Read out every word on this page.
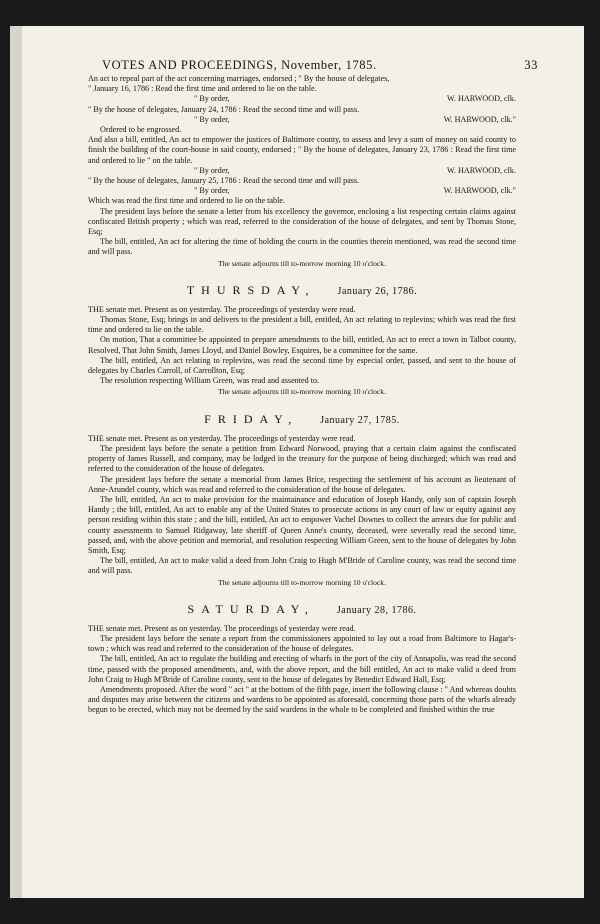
VOTES AND PROCEEDINGS, November, 1785.	33

An act to repeal part of the act concerning marriages, endorsed ; " By the house of delegates,

" January 16, 1786 : Read the first time and ordered to lie on the table.

" By order,	W. HARWOOD, clk.

" By the house of delegates, January 24, 1786 : Read the second time and will pass.

" By order,	W. HARWOOD, clk."

Ordered to be engrossed.

And also a bill, entitled, An act to empower the justices of Baltimore county, to assess and levy a sum of money on said county to finish the building of the court-house in said county, endorsed ; " By the house of delegates, January 23, 1786 : Read the first time and ordered to lie " on the table.

" By order,	W. HARWOOD, clk.

" By the house of delegates, January 25, 1786 : Read the second time and will pass.

" By order,	W. HARWOOD, clk."

Which was read the first time and ordered to lie on the table.

The president lays before the senate a letter from his excellency the governor, enclosing a list respecting certain claims against confiscated British property ; which was read, referred to the consideration of the house of delegates, and sent by Thomas Stone, Esq;

The bill, entitled, An act for altering the time of holding the courts in the counties therein mentioned, was read the second time and will pass.

The senate adjourns till to-morrow morning 10 o'clock.

THURSDAY, January 26, 1786.

THE senate met. Present as on yesterday. The proceedings of yesterday were read.

Thomas Stone, Esq; brings in and delivers to the president a bill, entitled, An act relating to replevins; which was read the first time and ordered to lie on the table.

On motion, That a committee be appointed to prepare amendments to the bill, entitled, An act to erect a town in Talbot county, Resolved, That John Smith, James Lloyd, and Daniel Bowley, Esquires, be a committee for the same.

The bill, entitled, An act relating to replevins, was read the second time by especial order, passed, and sent to the house of delegates by Charles Carroll, of Carrollton, Esq;

The resolution respecting William Green, was read and assented to.

The senate adjourns till to-morrow morning 10 o'clock.

FRIDAY, January 27, 1785.

THE senate met. Present as on yesterday. The proceedings of yesterday were read.

The president lays before the senate a petition from Edward Norwood, praying that a certain claim against the confiscated property of James Russell, and company, may be lodged in the treasury for the purpose of being discharged; which was read and referred to the consideration of the house of delegates.

The president lays before the senate a memorial from James Brice, respecting the settlement of his account as lieutenant of Anne-Arundel county, which was read and referred to the consideration of the house of delegates.

The bill, entitled, An act to make provision for the maintainance and education of Joseph Handy, only son of captain Joseph Handy ; the bill, entitled, An act to enable any of the United States to prosecute actions in any court of law or equity against any person residing within this state ; and the bill, entitled, An act to empower Vachel Downes to collect the arrears due for public and county assessments to Samuel Ridgaway, late sheriff of Queen Anne's county, deceased, were severally read the second time, passed, and, with the above petition and memorial, and resolution respecting William Green, sent to the house of delegates by John Smith, Esq;

The bill, entitled, An act to make valid a deed from John Craig to Hugh M'Bride of Caroline county, was read the second time and will pass.

The senate adjourns till to-morrow morning 10 o'clock.

SATURDAY, January 28, 1786.

THE senate met. Present as on yesterday. The proceedings of yesterday were read.

The president lays before the senate a report from the commissioners appointed to lay out a road from Baltimore to Hagar's-town ; which was read and referred to the consideration of the house of delegates.

The bill, entitled, An act to regulate the building and erecting of wharfs in the port of the city of Annapolis, was read the second time, passed with the proposed amendments, and, with the above report, and the bill entitled, An act to make valid a deed from John Craig to Hugh M'Bride of Caroline county, sent to the house of delegates by Benedict Edward Hall, Esq;

Amendments proposed. After the word " act " at the bottom of the fifth page, insert the following clause : " And whereas doubts and disputes may arise between the citizens and wardens to be appointed as aforesaid, concerning those parts of the wharfs already begun to be erected, which may not be deemed by the said wardens in the whole to be completed and finished within the true
